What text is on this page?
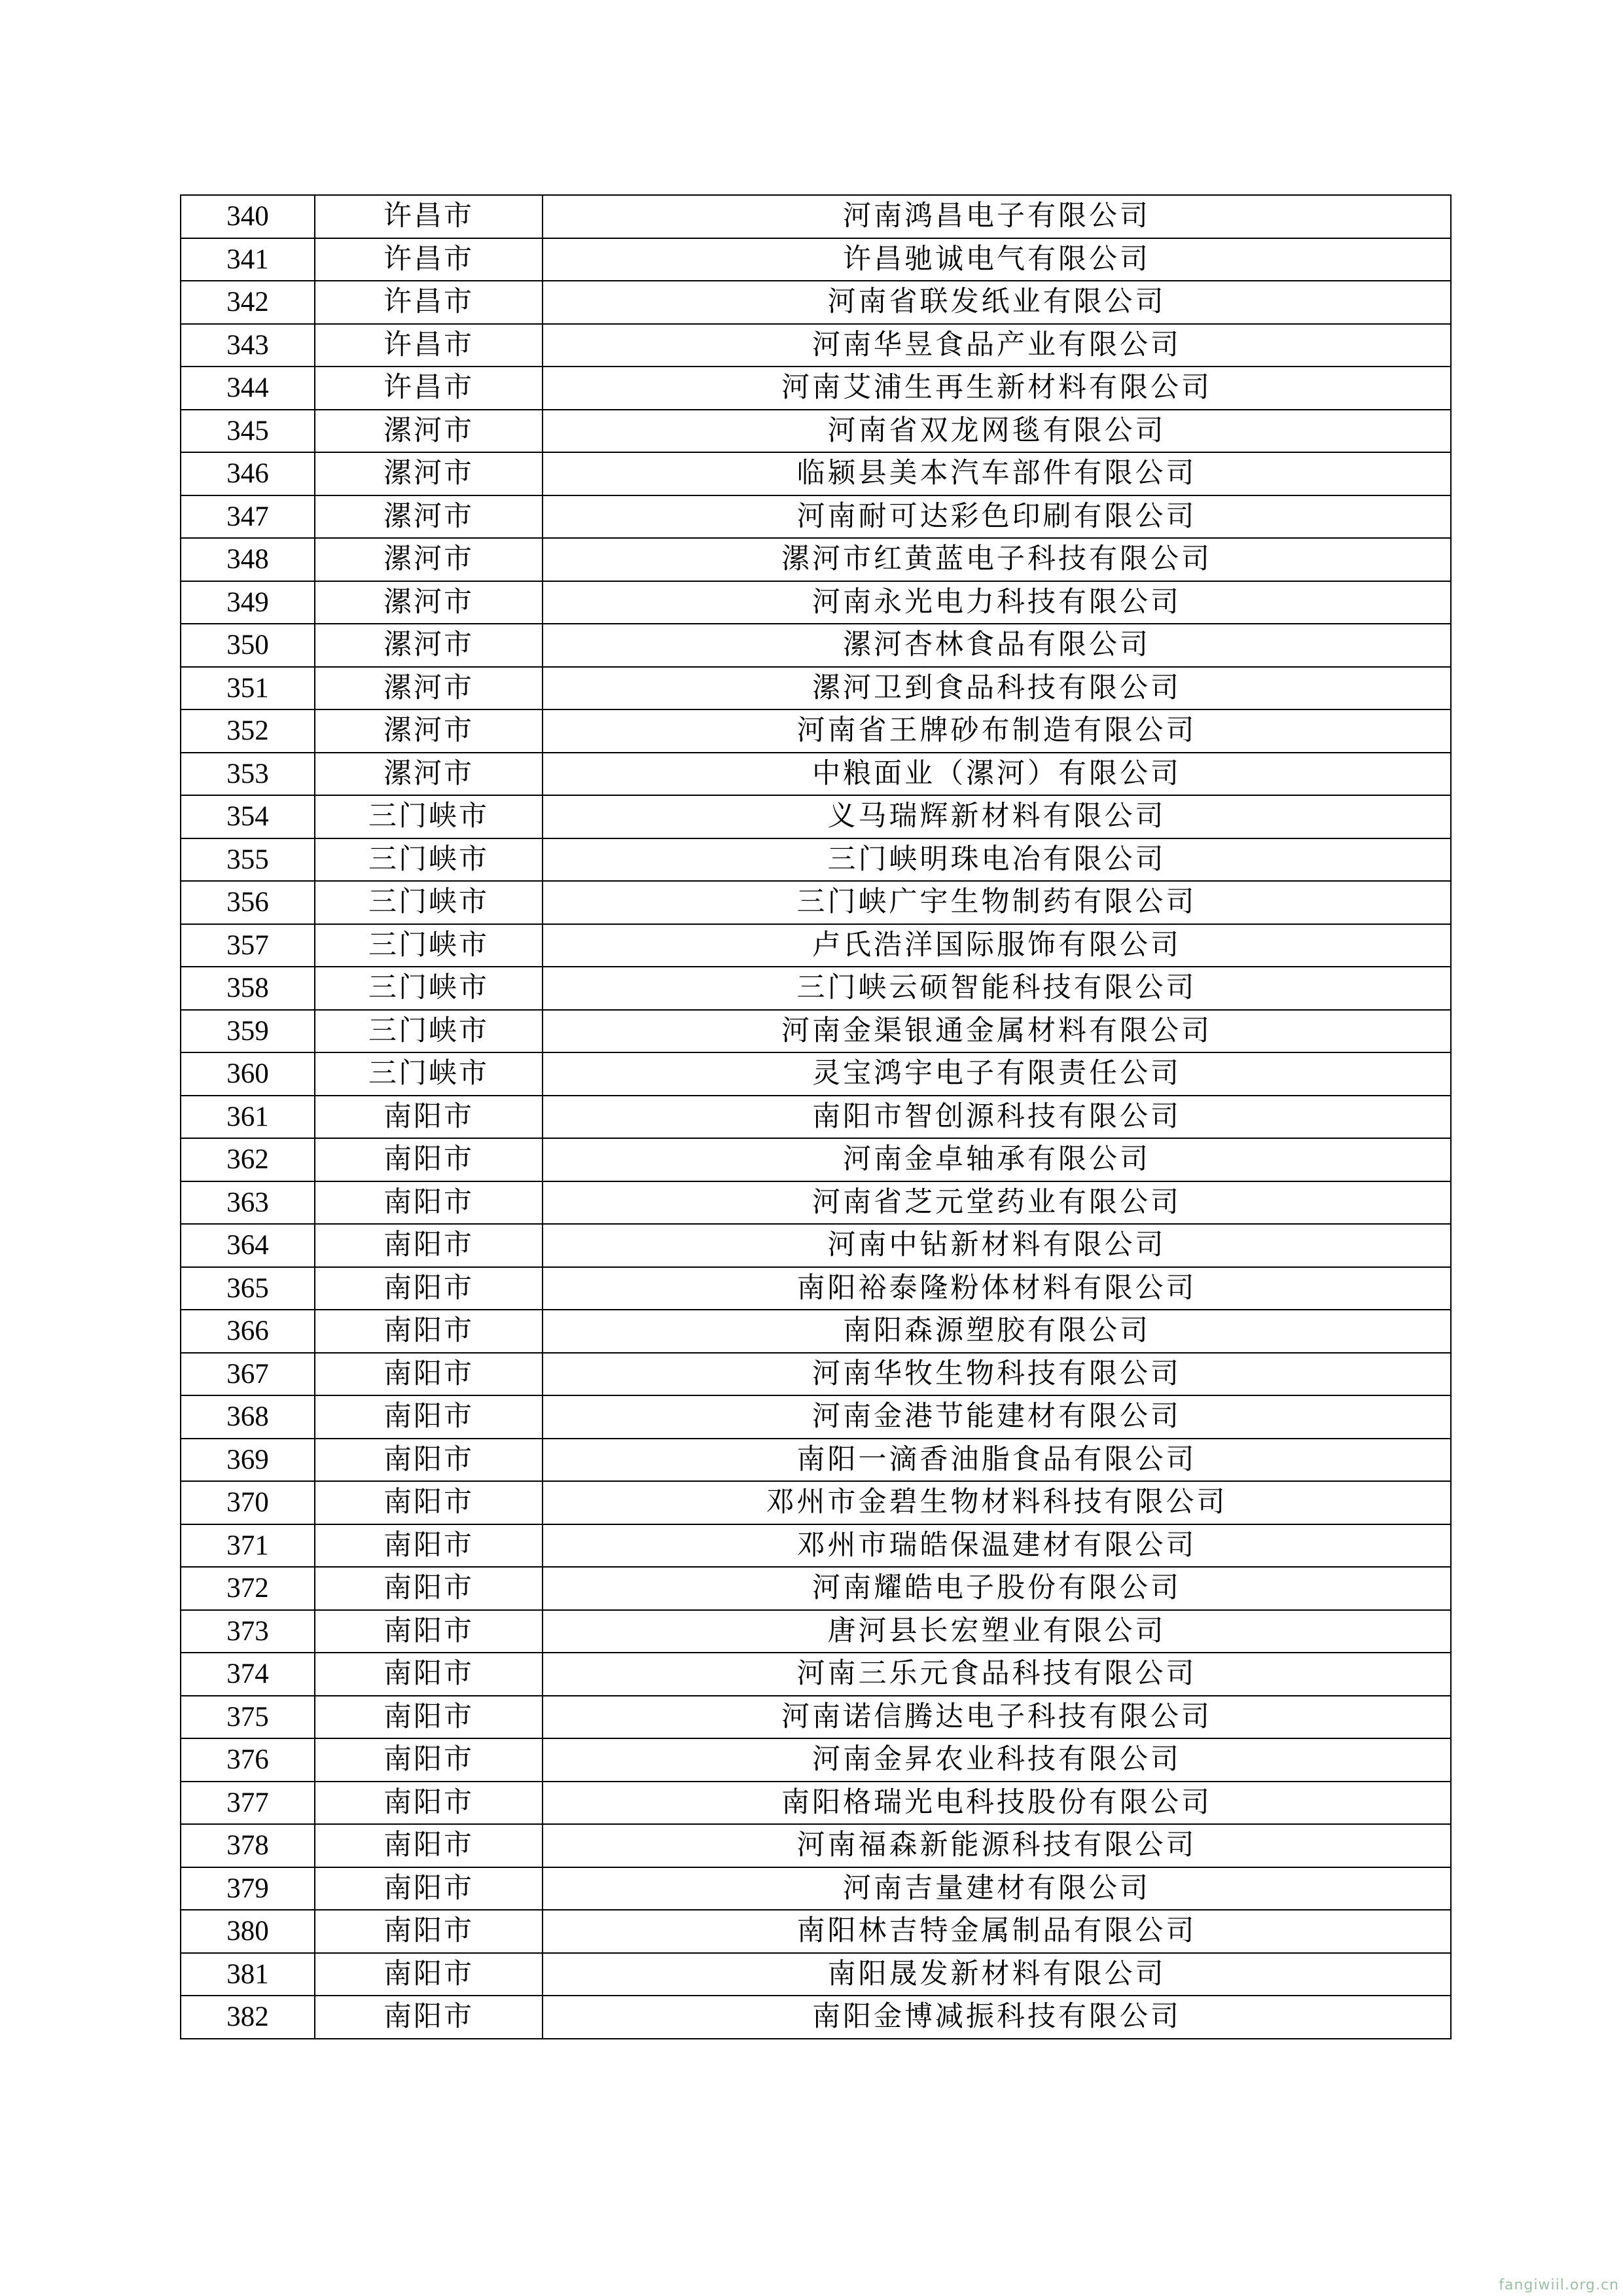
340	许昌市	河南鸿昌电子有限公司
341	许昌市	许昌驰诚电气有限公司
342	许昌市	河南省联发纸业有限公司
343	许昌市	河南华昱食品产业有限公司
344	许昌市	河南艾浦生再生新材料有限公司
345	漯河市	河南省双龙网毯有限公司
346	漯河市	临颍县美本汽车部件有限公司
347	漯河市	河南耐可达彩色印刷有限公司
348	漯河市	漯河市红黄蓝电子科技有限公司
349	漯河市	河南永光电力科技有限公司
350	漯河市	漯河杏林食品有限公司
351	漯河市	漯河卫到食品科技有限公司
352	漯河市	河南省王牌砂布制造有限公司
353	漯河市	中粮面业（漯河）有限公司
354	三门峡市	义马瑞辉新材料有限公司
355	三门峡市	三门峡明珠电冶有限公司
356	三门峡市	三门峡广宇生物制药有限公司
357	三门峡市	卢氏浩洋国际服饰有限公司
358	三门峡市	三门峡云硕智能科技有限公司
359	三门峡市	河南金渠银通金属材料有限公司
360	三门峡市	灵宝鸿宇电子有限责任公司
361	南阳市	南阳市智创源科技有限公司
362	南阳市	河南金卓轴承有限公司
363	南阳市	河南省芝元堂药业有限公司
364	南阳市	河南中钻新材料有限公司
365	南阳市	南阳裕泰隆粉体材料有限公司
366	南阳市	南阳森源塑胶有限公司
367	南阳市	河南华牧生物科技有限公司
368	南阳市	河南金港节能建材有限公司
369	南阳市	南阳一滴香油脂食品有限公司
370	南阳市	邓州市金碧生物材料科技有限公司
371	南阳市	邓州市瑞皓保温建材有限公司
372	南阳市	河南耀皓电子股份有限公司
373	南阳市	唐河县长宏塑业有限公司
374	南阳市	河南三乐元食品科技有限公司
375	南阳市	河南诺信腾达电子科技有限公司
376	南阳市	河南金昇农业科技有限公司
377	南阳市	南阳格瑞光电科技股份有限公司
378	南阳市	河南福森新能源科技有限公司
379	南阳市	河南吉量建材有限公司
380	南阳市	南阳林吉特金属制品有限公司
381	南阳市	南阳晟发新材料有限公司
382	南阳市	南阳金博减振科技有限公司
fangiwiil.org.cn
